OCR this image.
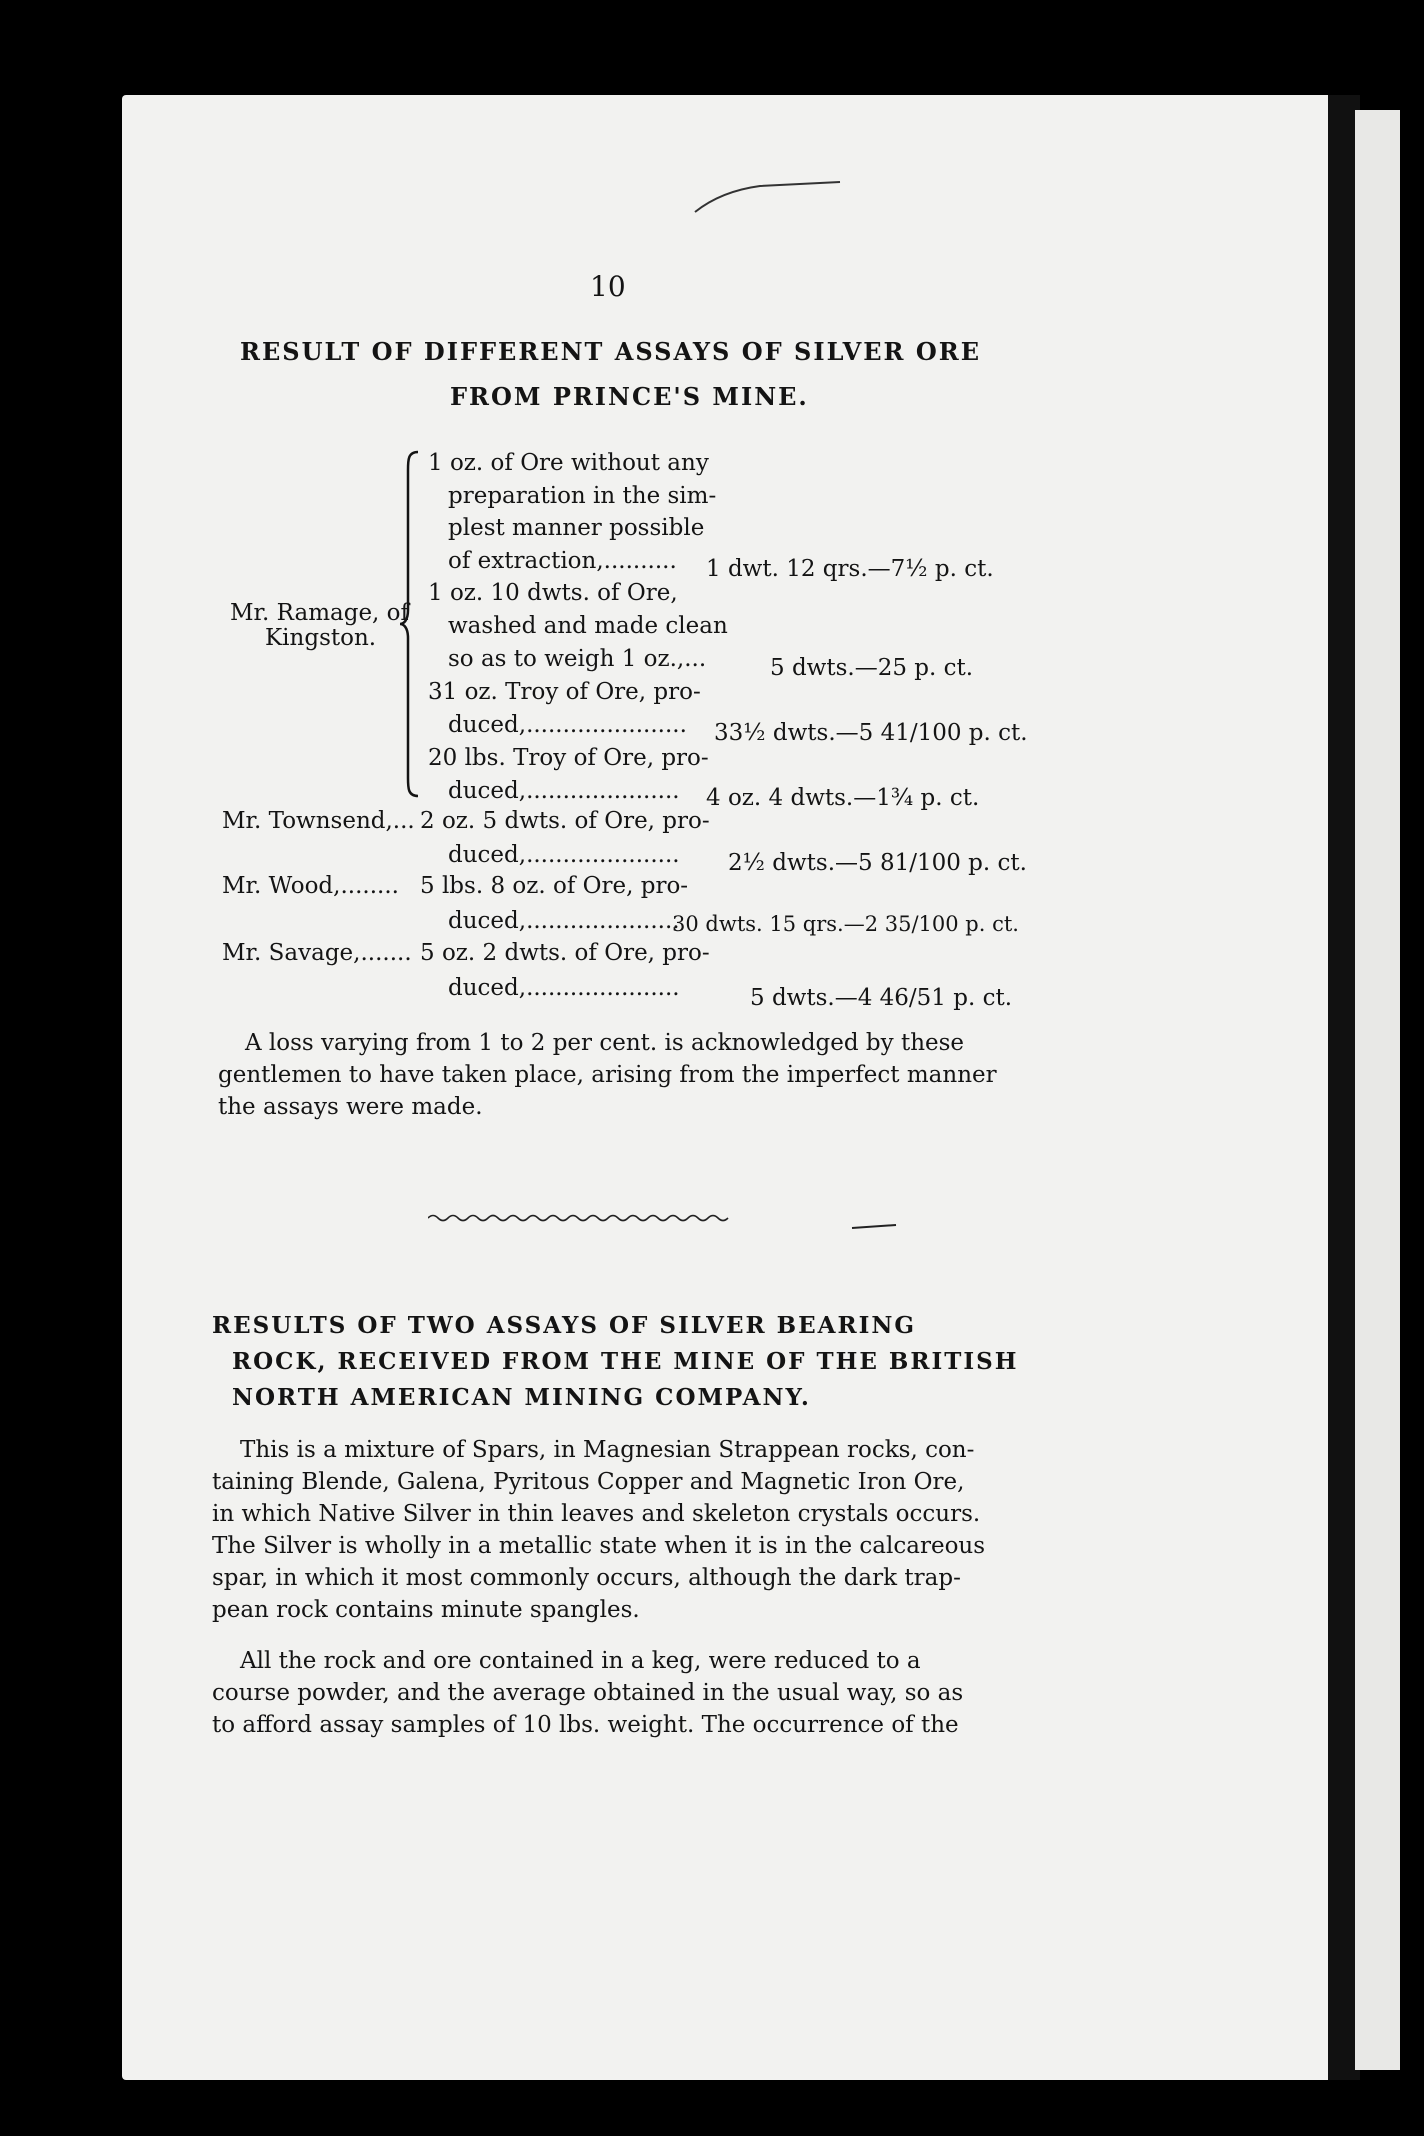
10
RESULT OF DIFFERENT ASSAYS OF SILVER ORE
FROM PRINCE'S MINE.
Mr. Ramage, of
Kingston.
1 oz. of Ore without any
preparation in the sim-
plest manner possible
of extraction,.......... 1 dwt. 12 qrs.—7½ p. ct.
1 oz. 10 dwts. of Ore,
washed and made clean
so as to weigh 1 oz.,...	5 dwts.—25 p. ct.
31 oz. Troy of Ore, pro-
duced,...................... 33½ dwts.—5 41/100 p. ct.
20 lbs. Troy of Ore, pro-
duced,..................... 4 oz. 4 dwts.—1¾ p. ct.
Mr. Townsend,... 2 oz. 5 dwts. of Ore, pro-
duced,..................... 2½ dwts.—5 81/100 p. ct.
Mr. Wood,........ 5 lbs. 8 oz. of Ore, pro-
duced,.....................
30 dwts. 15 qrs.—2 35/100 p. ct.
Mr. Savage,....... 5 oz. 2 dwts. of Ore, pro-
duced,.....................	5 dwts.—4 46/51 p. ct.
A loss varying from 1 to 2 per cent. is acknowledged by these
gentlemen to have taken place, arising from the imperfect manner
the assays were made.
RESULTS OF TWO ASSAYS OF SILVER BEARING
ROCK, RECEIVED FROM THE MINE OF THE BRITISH
NORTH AMERICAN MINING COMPANY.
This is a mixture of Spars, in Magnesian Strappean rocks, con-
taining Blende, Galena, Pyritous Copper and Magnetic Iron Ore,
in which Native Silver in thin leaves and skeleton crystals occurs.
The Silver is wholly in a metallic state when it is in the calcareous
spar, in which it most commonly occurs, although the dark trap-
pean rock contains minute spangles.
All the rock and ore contained in a keg, were reduced to a
course powder, and the average obtained in the usual way, so as
to afford assay samples of 10 lbs. weight. The occurrence of the
